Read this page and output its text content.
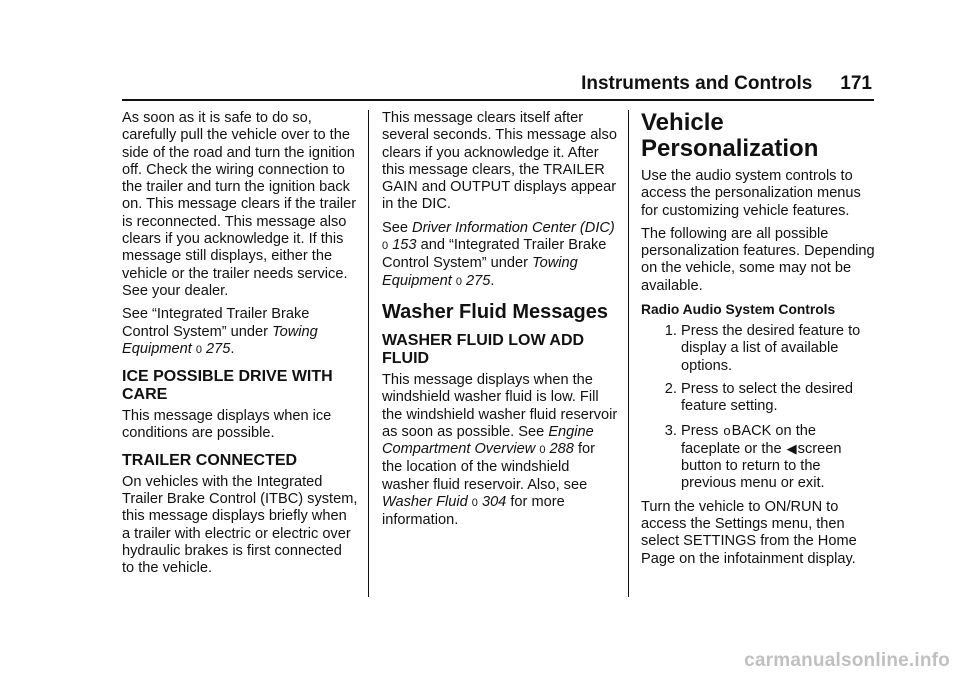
Instruments and Controls 171

As soon as it is safe to do so, carefully pull the vehicle over to the side of the road and turn the ignition off. Check the wiring connection to the trailer and turn the ignition back on. This message clears if the trailer is reconnected. This message also clears if you acknowledge it. If this message still displays, either the vehicle or the trailer needs service. See your dealer.

See “Integrated Trailer Brake Control System” under Towing Equipment 0 275.

ICE POSSIBLE DRIVE WITH CARE

This message displays when ice conditions are possible.

TRAILER CONNECTED

On vehicles with the Integrated Trailer Brake Control (ITBC) system, this message displays briefly when a trailer with electric or electric over hydraulic brakes is first connected to the vehicle.

This message clears itself after several seconds. This message also clears if you acknowledge it. After this message clears, the TRAILER GAIN and OUTPUT displays appear in the DIC.

See Driver Information Center (DIC) 0 153 and “Integrated Trailer Brake Control System” under Towing Equipment 0 275.

Washer Fluid Messages
WASHER FLUID LOW ADD FLUID

This message displays when the windshield washer fluid is low. Fill the windshield washer fluid reservoir as soon as possible. See Engine Compartment Overview 0 288 for the location of the windshield washer fluid reservoir. Also, see Washer Fluid 0 304 for more information.

Vehicle Personalization

Use the audio system controls to access the personalization menus for customizing vehicle features.

The following are all possible personalization features. Depending on the vehicle, some may not be available.

Radio Audio System Controls
1. Press the desired feature to display a list of available options.
2. Press to select the desired feature setting.
3. Press oBACK on the faceplate or the ◀screen button to return to the previous menu or exit.

Turn the vehicle to ON/RUN to access the Settings menu, then select SETTINGS from the Home Page on the infotainment display.

carmanualsonline.info
